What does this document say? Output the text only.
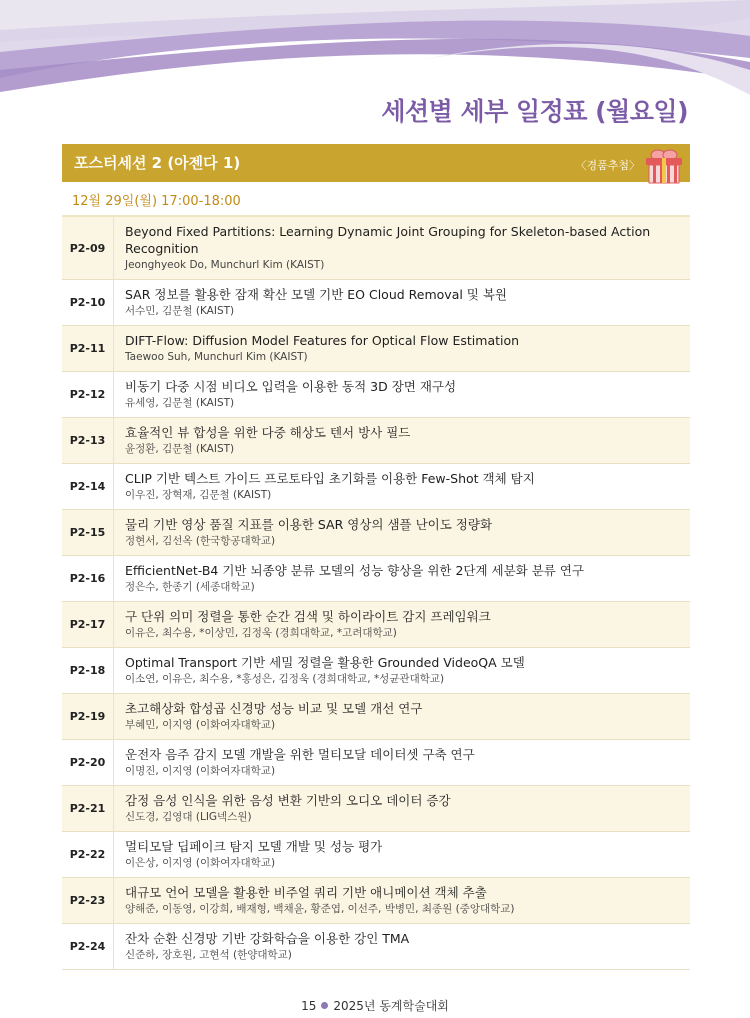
세션별 세부 일정표 (월요일)
포스터세션 2 (아젠다 1)	〈경품추첨〉
12월 29일(월) 17:00-18:00
P2-09
Beyond Fixed Partitions: Learning Dynamic Joint Grouping for Skeleton-based Action Recognition
Jeonghyeok Do, Munchurl Kim (KAIST)
P2-10
SAR 정보를 활용한 잠재 확산 모델 기반 EO Cloud Removal 및 복원
서수민, 김문철 (KAIST)
P2-11
DIFT-Flow: Diffusion Model Features for Optical Flow Estimation
Taewoo Suh, Munchurl Kim (KAIST)
P2-12
비동기 다중 시점 비디오 입력을 이용한 동적 3D 장면 재구성
유세영, 김문철 (KAIST)
P2-13
효율적인 뷰 합성을 위한 다중 해상도 텐서 방사 필드
윤정환, 김문철 (KAIST)
P2-14
CLIP 기반 텍스트 가이드 프로토타입 초기화를 이용한 Few-Shot 객체 탐지
이우진, 장혁재, 김문철 (KAIST)
P2-15
물리 기반 영상 품질 지표를 이용한 SAR 영상의 샘플 난이도 정량화
정현서, 김선옥 (한국항공대학교)
P2-16
EfficientNet-B4 기반 뇌종양 분류 모델의 성능 향상을 위한 2단계 세분화 분류 연구
정은수, 한종기 (세종대학교)
P2-17
구 단위 의미 정렬을 통한 순간 검색 및 하이라이트 감지 프레임워크
이유은, 최수용, *이상민, 김정욱 (경희대학교, *고려대학교)
P2-18
Optimal Transport 기반 세밀 정렬을 활용한 Grounded VideoQA 모델
이소연, 이유은, 최수용, *홍성은, 김정욱 (경희대학교, *성균관대학교)
P2-19
초고해상화 합성곱 신경망 성능 비교 및 모델 개선 연구
부혜민, 이지영 (이화여자대학교)
P2-20
운전자 음주 감지 모델 개발을 위한 멀티모달 데이터셋 구축 연구
이명진, 이지영 (이화여자대학교)
P2-21
감정 음성 인식을 위한 음성 변환 기반의 오디오 데이터 증강
신도경, 김영대 (LIG넥스원)
P2-22
멀티모달 딥페이크 탐지 모델 개발 및 성능 평가
이은상, 이지영 (이화여자대학교)
P2-23
대규모 언어 모델을 활용한 비주얼 쿼리 기반 애니메이션 객체 추출
양해준, 이동영, 이강희, 배재형, 백채윤, 황준엽, 이선주, 박병민, 최종원 (중앙대학교)
P2-24
잔차 순환 신경망 기반 강화학습을 이용한 강인 TMA
신준하, 장호원, 고현석 (한양대학교)
15 2025년 동계학술대회
